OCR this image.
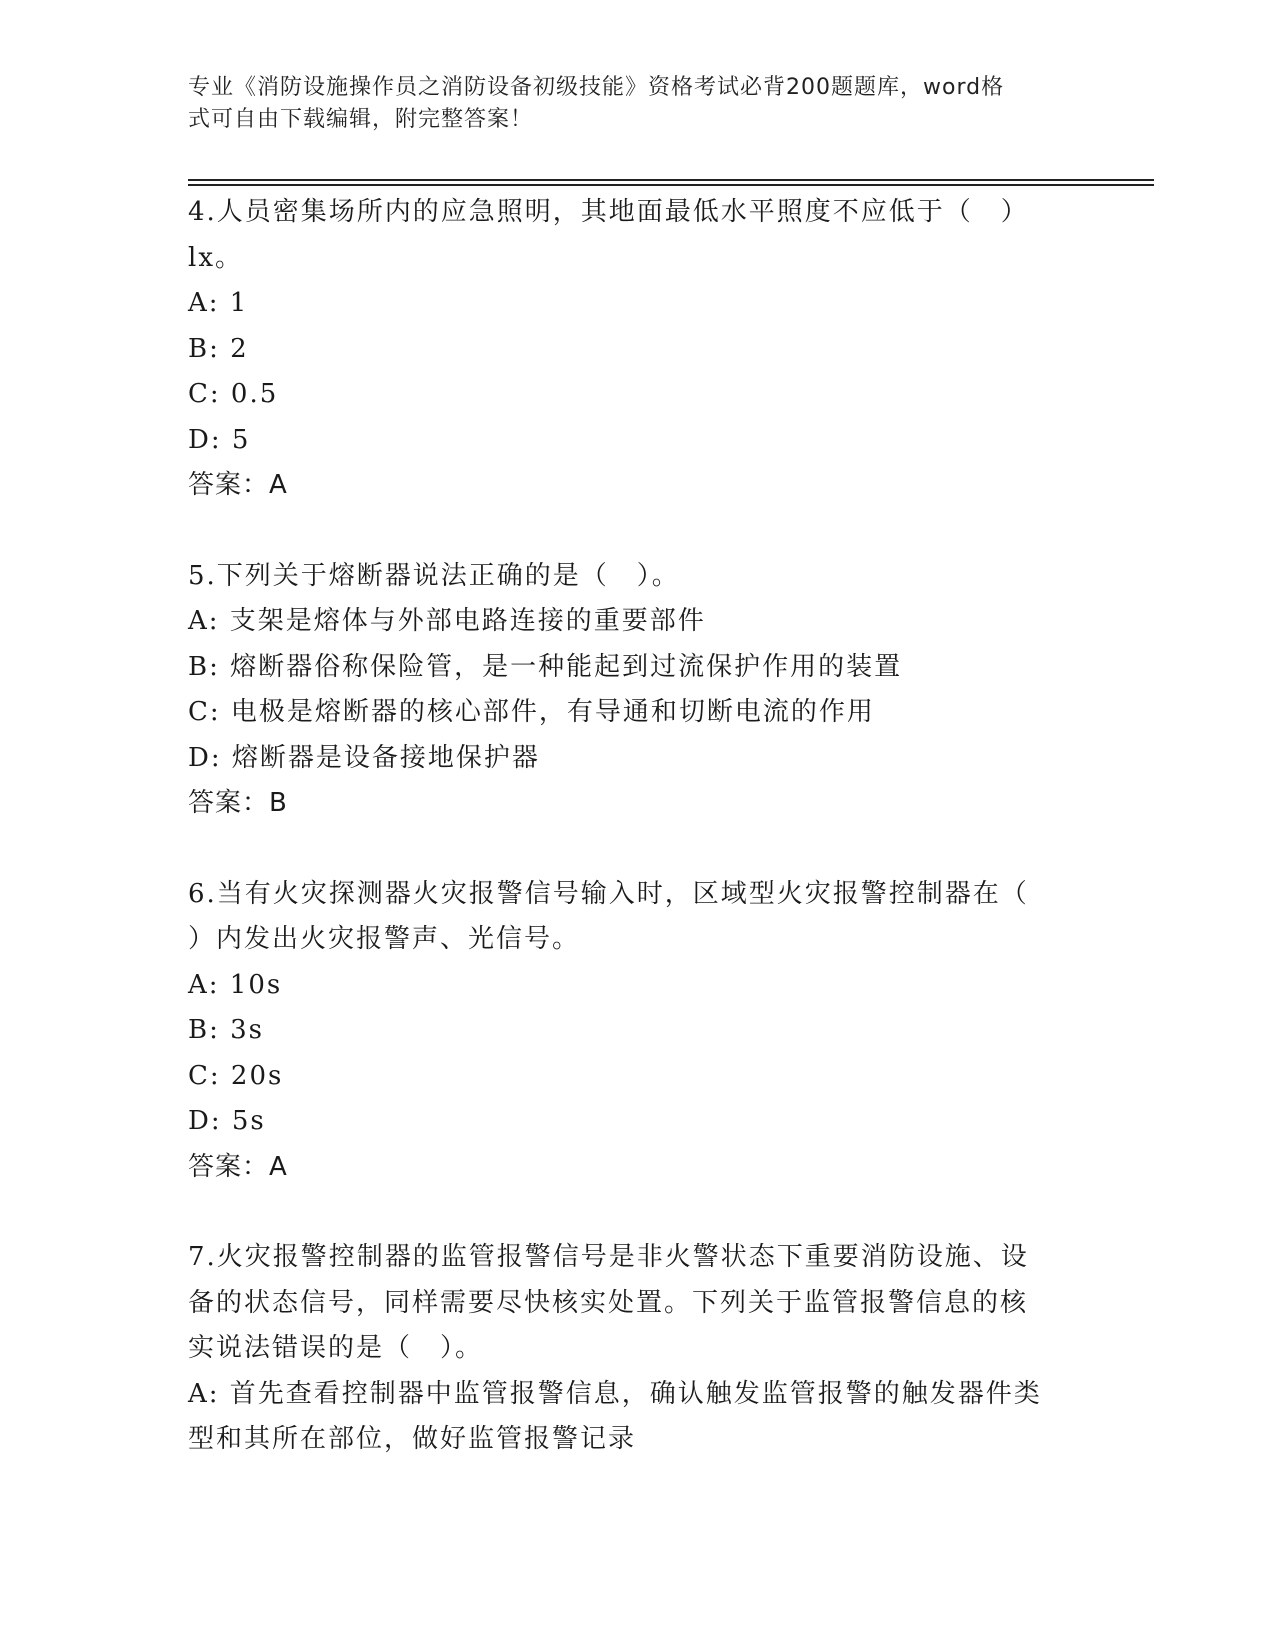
专业《消防设施操作员之消防设备初级技能》资格考试必背200题题库，word格
式可自由下载编辑，附完整答案！
4.人员密集场所内的应急照明，其地面最低水平照度不应低于（　）
lx。
A: 1
B: 2
C: 0.5
D: 5
答案：A
5.下列关于熔断器说法正确的是（　）。
A: 支架是熔体与外部电路连接的重要部件
B: 熔断器俗称保险管，是一种能起到过流保护作用的装置
C: 电极是熔断器的核心部件，有导通和切断电流的作用
D: 熔断器是设备接地保护器
答案：B
6.当有火灾探测器火灾报警信号输入时，区域型火灾报警控制器在（
）内发出火灾报警声、光信号。
A: 10s
B: 3s
C: 20s
D: 5s
答案：A
7.火灾报警控制器的监管报警信号是非火警状态下重要消防设施、设
备的状态信号，同样需要尽快核实处置。下列关于监管报警信息的核
实说法错误的是（　）。
A: 首先查看控制器中监管报警信息，确认触发监管报警的触发器件类
型和其所在部位，做好监管报警记录
